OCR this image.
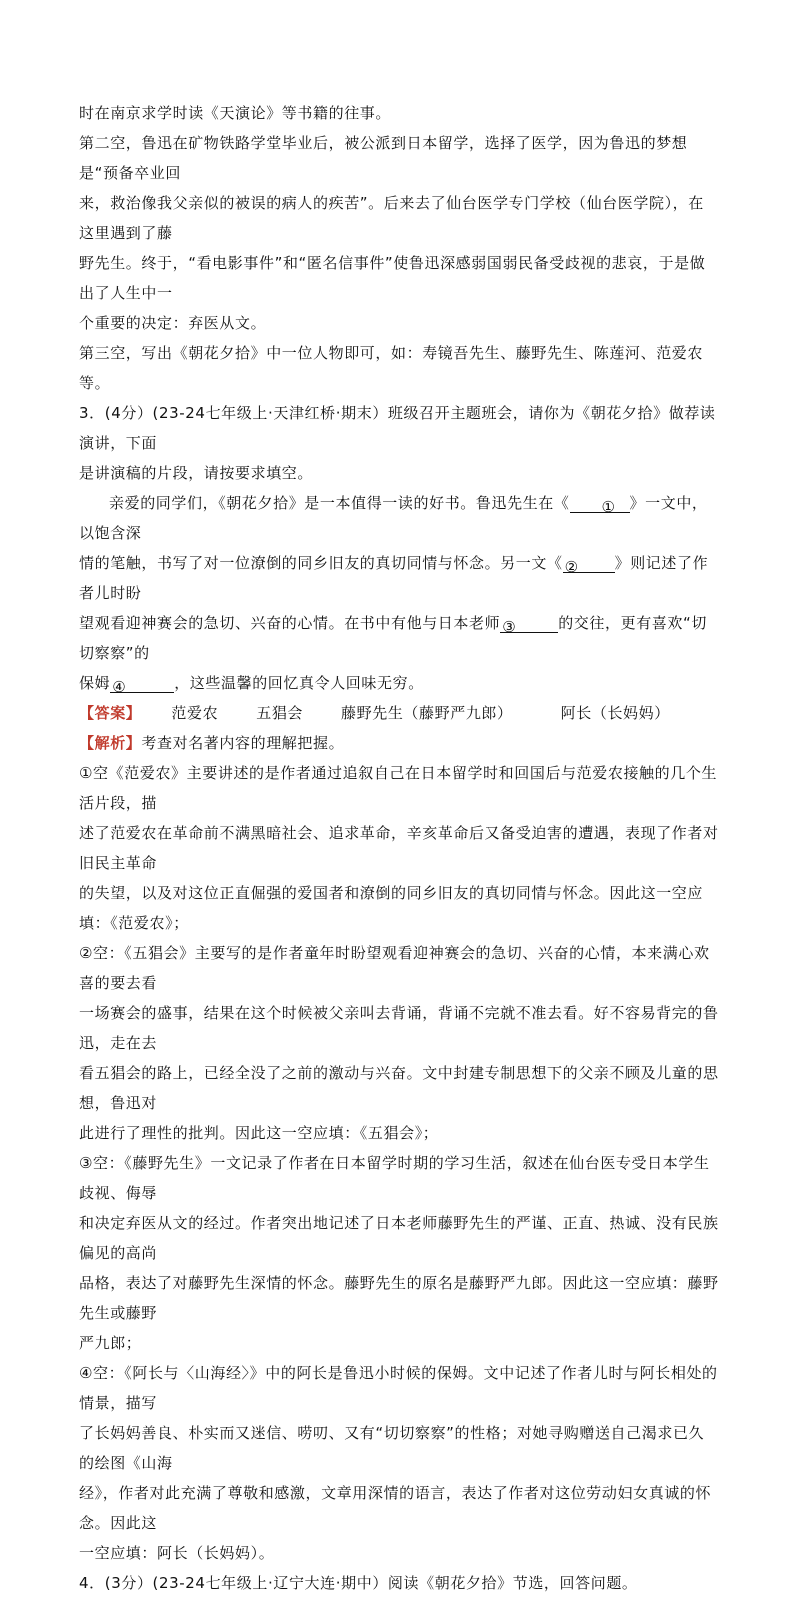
时在南京求学时读《天演论》等书籍的往事。

第二空，鲁迅在矿物铁路学堂毕业后，被公派到日本留学，选择了医学，因为鲁迅的梦想是“预备卒业回

来，救治像我父亲似的被误的病人的疾苦”。后来去了仙台医学专门学校（仙台医学院），在这里遇到了藤

野先生。终于，“看电影事件”和“匿名信事件”使鲁迅深感弱国弱民备受歧视的悲哀，于是做出了人生中一

个重要的决定：弃医从文。

第三空，写出《朝花夕拾》中一位人物即可，如：寿镜吾先生、藤野先生、陈莲河、范爱农等。

3．(4分）(23-24七年级上·天津红桥·期末）班级召开主题班会，请你为《朝花夕拾》做荐读演讲，下面

是讲演稿的片段，请按要求填空。

亲爱的同学们，《朝花夕拾》是一本值得一读的好书。鲁迅先生在《 ① 》一文中，以饱含深

情的笔触，书写了对一位潦倒的同乡旧友的真切同情与怀念。另一文《 ② 》则记述了作者儿时盼

望观看迎神赛会的急切、兴奋的心情。在书中有他与日本老师 ③	的交往，更有喜欢“切切察察”的

保姆 ④	，这些温馨的回忆真令人回味无穷。

【答案】 范爱农	五猖会	藤野先生（藤野严九郎）	阿长（长妈妈）

【解析】考查对名著内容的理解把握。

①空《范爱农》主要讲述的是作者通过追叙自己在日本留学时和回国后与范爱农接触的几个生活片段，描

述了范爱农在革命前不满黑暗社会、追求革命，辛亥革命后又备受迫害的遭遇，表现了作者对旧民主革命

的失望，以及对这位正直倔强的爱国者和潦倒的同乡旧友的真切同情与怀念。因此这一空应填：《范爱农》；

②空：《五猖会》主要写的是作者童年时盼望观看迎神赛会的急切、兴奋的心情，本来满心欢喜的要去看

一场赛会的盛事，结果在这个时候被父亲叫去背诵，背诵不完就不准去看。好不容易背完的鲁迅，走在去

看五猖会的路上，已经全没了之前的激动与兴奋。文中封建专制思想下的父亲不顾及儿童的思想，鲁迅对

此进行了理性的批判。因此这一空应填：《五猖会》；

③空：《藤野先生》一文记录了作者在日本留学时期的学习生活，叙述在仙台医专受日本学生歧视、侮辱

和决定弃医从文的经过。作者突出地记述了日本老师藤野先生的严谨、正直、热诚、没有民族偏见的高尚

品格，表达了对藤野先生深情的怀念。藤野先生的原名是藤野严九郎。因此这一空应填：藤野先生或藤野

严九郎；

④空：《阿长与〈山海经〉》中的阿长是鲁迅小时候的保姆。文中记述了作者儿时与阿长相处的情景，描写

了长妈妈善良、朴实而又迷信、唠叨、又有“切切察察”的性格；对她寻购赠送自己渴求已久的绘图《山海

经》，作者对此充满了尊敬和感激，文章用深情的语言，表达了作者对这位劳动妇女真诚的怀念。因此这

一空应填：阿长（长妈妈）。

4．(3分）(23-24七年级上·辽宁大连·期中）阅读《朝花夕拾》节选，回答问题。
